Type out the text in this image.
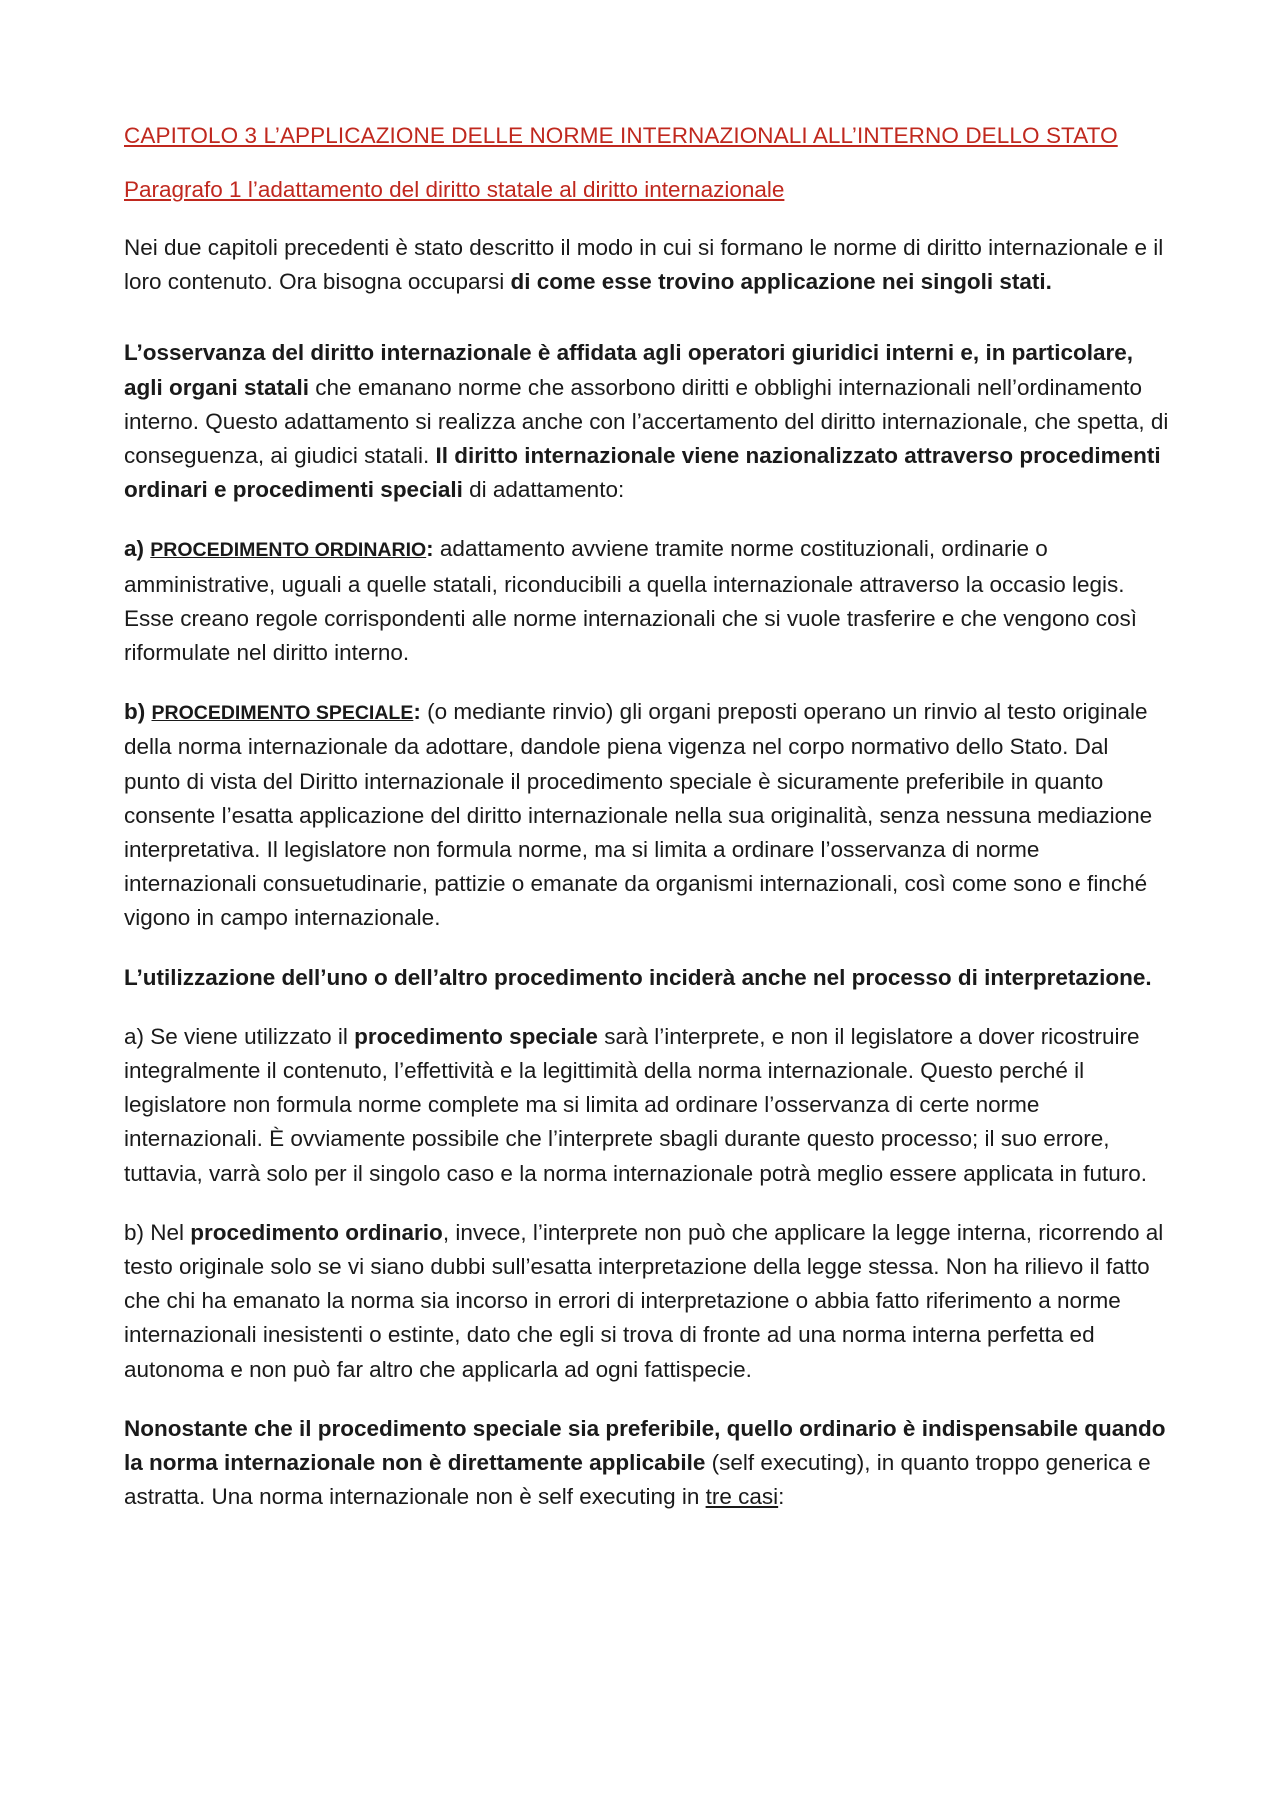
CAPITOLO 3 L’APPLICAZIONE DELLE NORME INTERNAZIONALI ALL’INTERNO DELLO STATO
Paragrafo 1 l’adattamento del diritto statale al diritto internazionale

Nei due capitoli precedenti è stato descritto il modo in cui si formano le norme di diritto internazionale e il loro contenuto. Ora bisogna occuparsi di come esse trovino applicazione nei singoli stati.

L’osservanza del diritto internazionale è affidata agli operatori giuridici interni e, in particolare, agli organi statali che emanano norme che assorbono diritti e obblighi internazionali nell’ordinamento interno. Questo adattamento si realizza anche con l’accertamento del diritto internazionale, che spetta, di conseguenza, ai giudici statali. Il diritto internazionale viene nazionalizzato attraverso procedimenti ordinari e procedimenti speciali di adattamento:

a) PROCEDIMENTO ORDINARIO: adattamento avviene tramite norme costituzionali, ordinarie o amministrative, uguali a quelle statali, riconducibili a quella internazionale attraverso la occasio legis. Esse creano regole corrispondenti alle norme internazionali che si vuole trasferire e che vengono così riformulate nel diritto interno.

b) PROCEDIMENTO SPECIALE: (o mediante rinvio) gli organi preposti operano un rinvio al testo originale della norma internazionale da adottare, dandole piena vigenza nel corpo normativo dello Stato. Dal punto di vista del Diritto internazionale il procedimento speciale è sicuramente preferibile in quanto consente l’esatta applicazione del diritto internazionale nella sua originalità, senza nessuna mediazione interpretativa. Il legislatore non formula norme, ma si limita a ordinare l’osservanza di norme internazionali consuetudinarie, pattizie o emanate da organismi internazionali, così come sono e finché vigono in campo internazionale.

L’utilizzazione dell’uno o dell’altro procedimento inciderà anche nel processo di interpretazione.

a) Se viene utilizzato il procedimento speciale sarà l’interprete, e non il legislatore a dover ricostruire integralmente il contenuto, l’effettività e la legittimità della norma internazionale. Questo perché il legislatore non formula norme complete ma si limita ad ordinare l’osservanza di certe norme internazionali. È ovviamente possibile che l’interprete sbagli durante questo processo; il suo errore, tuttavia, varrà solo per il singolo caso e la norma internazionale potrà meglio essere applicata in futuro.

b) Nel procedimento ordinario, invece, l’interprete non può che applicare la legge interna, ricorrendo al testo originale solo se vi siano dubbi sull’esatta interpretazione della legge stessa. Non ha rilievo il fatto che chi ha emanato la norma sia incorso in errori di interpretazione o abbia fatto riferimento a norme internazionali inesistenti o estinte, dato che egli si trova di fronte ad una norma interna perfetta ed autonoma e non può far altro che applicarla ad ogni fattispecie.

Nonostante che il procedimento speciale sia preferibile, quello ordinario è indispensabile quando la norma internazionale non è direttamente applicabile (self executing), in quanto troppo generica e astratta. Una norma internazionale non è self executing in tre casi:
